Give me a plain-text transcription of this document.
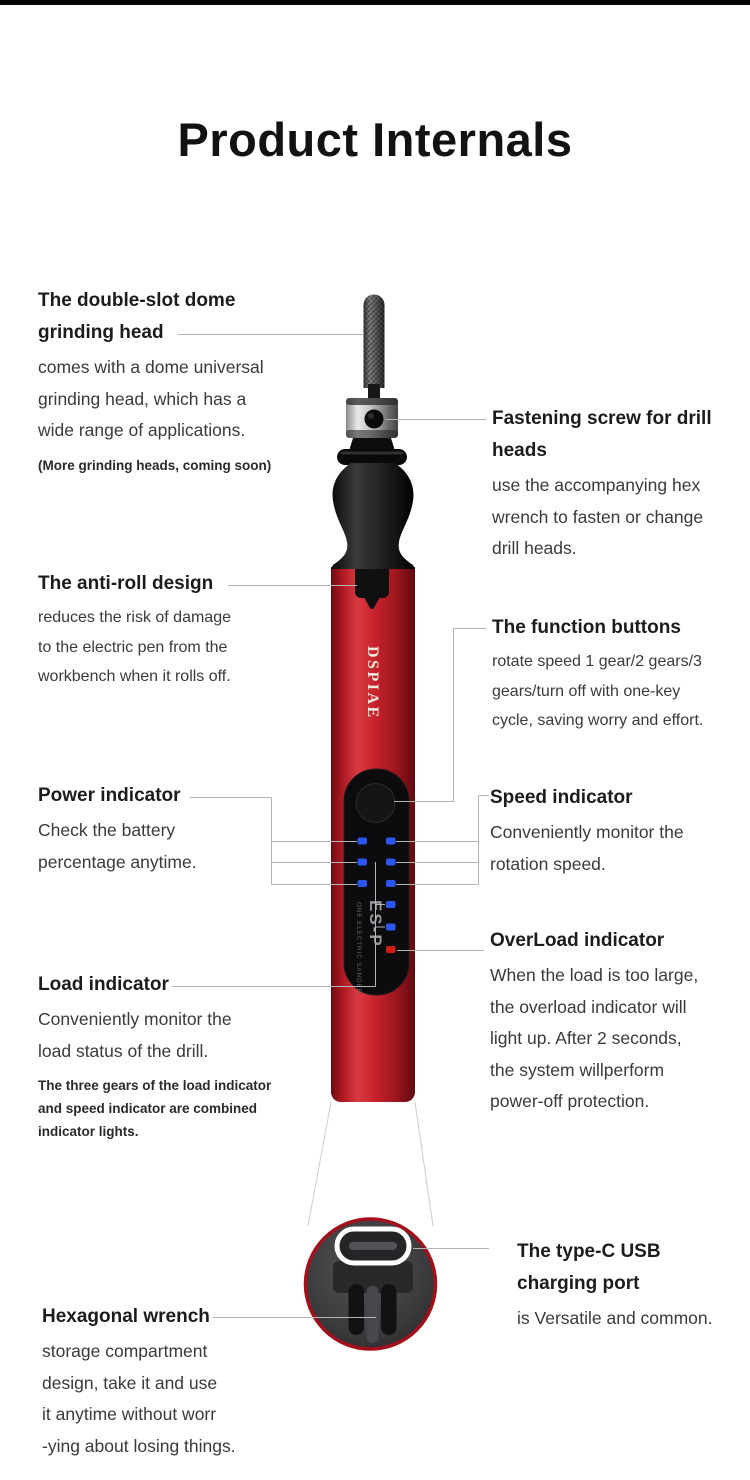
Product Internals
DSPIAE
ES-P
ONE ELECTRIC SANDER
The double-slot dome
grinding head
comes with a dome universal
grinding head, which has a
wide range of applications.
(More grinding heads, coming soon)
The anti-roll design
reduces the risk of damage
to the electric pen from the
workbench when it rolls off.
Power indicator
Check the battery
percentage anytime.
Load indicator
Conveniently monitor the
load status of the drill.
The three gears of the load indicator
and speed indicator are combined
indicator lights.
Hexagonal wrench
storage compartment
design, take it and use
it anytime without worr
-ying about losing things.
Fastening screw for drill
heads
use the accompanying hex
wrench to fasten or change
drill heads.
The function buttons
rotate speed 1 gear/2 gears/3
gears/turn off with one-key
cycle, saving worry and effort.
Speed indicator
Conveniently monitor the
rotation speed.
OverLoad indicator
When the load is too large,
the overload indicator will
light up. After 2 seconds,
the system willperform
power-off protection.
The type-C USB
charging port
is Versatile and common.
